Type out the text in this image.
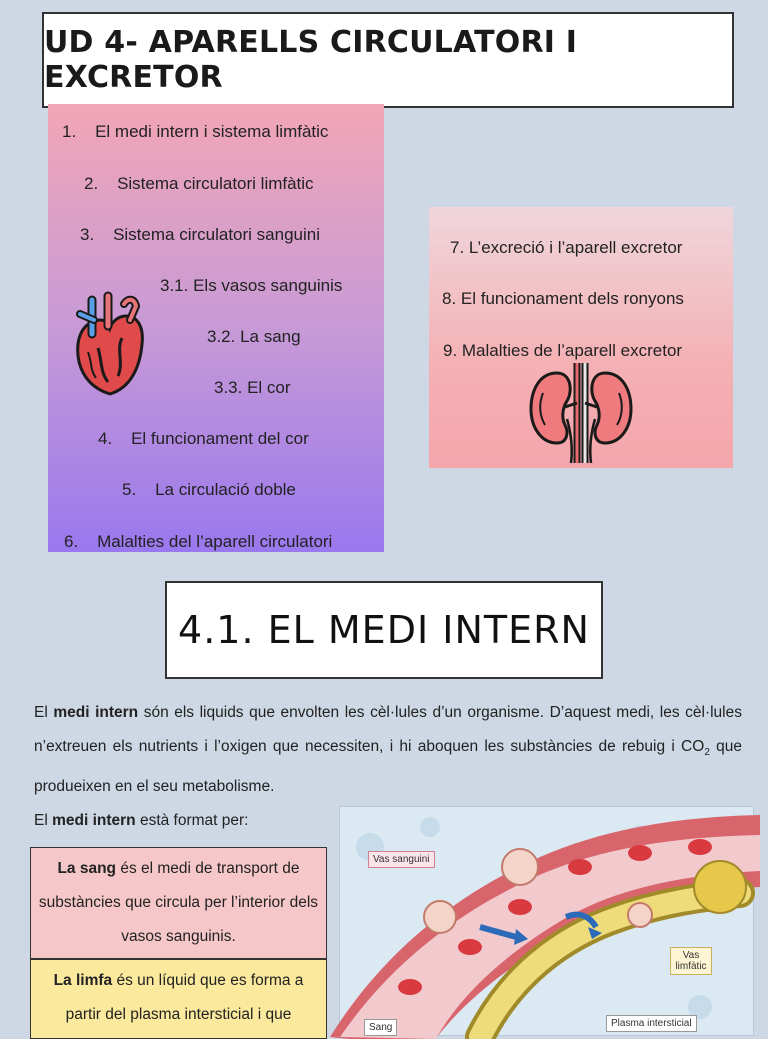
UD 4- APARELLS CIRCULATORI I EXCRETOR
1.    El medi intern i sistema limfàtic
2.    Sistema circulatori limfàtic
3.    Sistema circulatori sanguini
3.1. Els vasos sanguinis
3.2. La sang
3.3. El cor
4.    El funcionament del cor
5.    La circulació doble
6.    Malalties del l’aparell circulatori
7. L’excreció i l’aparell excretor
8. El funcionament dels ronyons
9. Malalties de l’aparell excretor
4.1. EL MEDI INTERN

El medi intern són els liquids que envolten les cèl·lules d’un organisme. D’aquest medi, les cèl·lules n’extreuen els nutrients i l’oxigen que necessiten, i hi aboquen les substàncies de rebuig i $CO_2$ que produeixen en el seu metabolisme.

El medi intern està format per:

La sang és el medi de transport de substàncies que circula per l’interior dels vasos sanguinis.
La limfa és un líquid que es forma a partir del plasma intersticial i que
Vas sanguini
Vas limfàtic
Plasma intersticial
Sang
